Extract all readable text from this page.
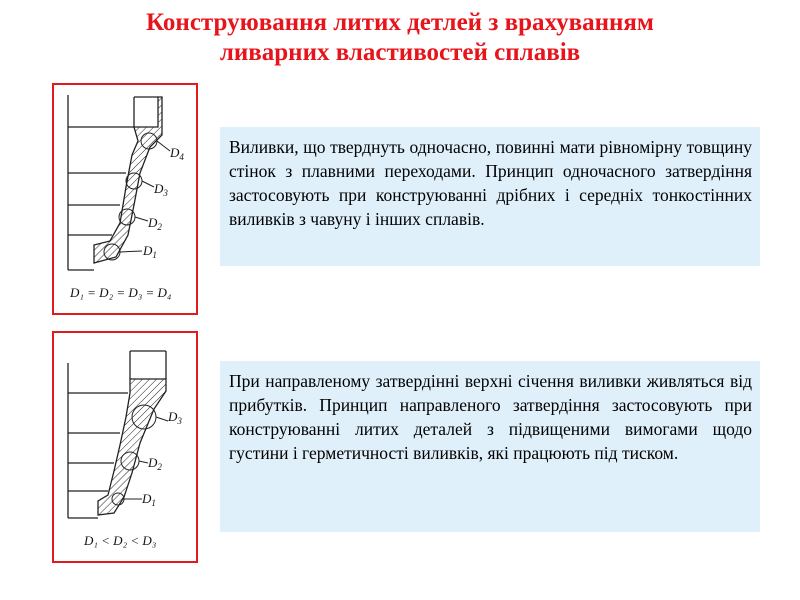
Конструювання литих детлей з врахуванням
ливарних властивостей сплавів
$D_4$
$D_3$
$D_2$
$D_1$
D₁ = D₂ = D₃ = D₄
$D_3$
$D_2$
$D_1$
D₁ < D₂ < D₃
Виливки, що тверднуть одночасно, повинні мати рівномірну товщину стінок з плавними переходами. Принцип одночасного затвердіння застосовують при конструюванні дрібних і середніх тонкостінних виливків з чавуну і інших сплавів.
При направленому затвердінні верхні січення виливки живляться від прибутків. Принцип направленого затвердіння застосовують при конструюванні литих деталей з підвищеними вимогами щодо густини і герметичності виливків, які працюють під тиском.
